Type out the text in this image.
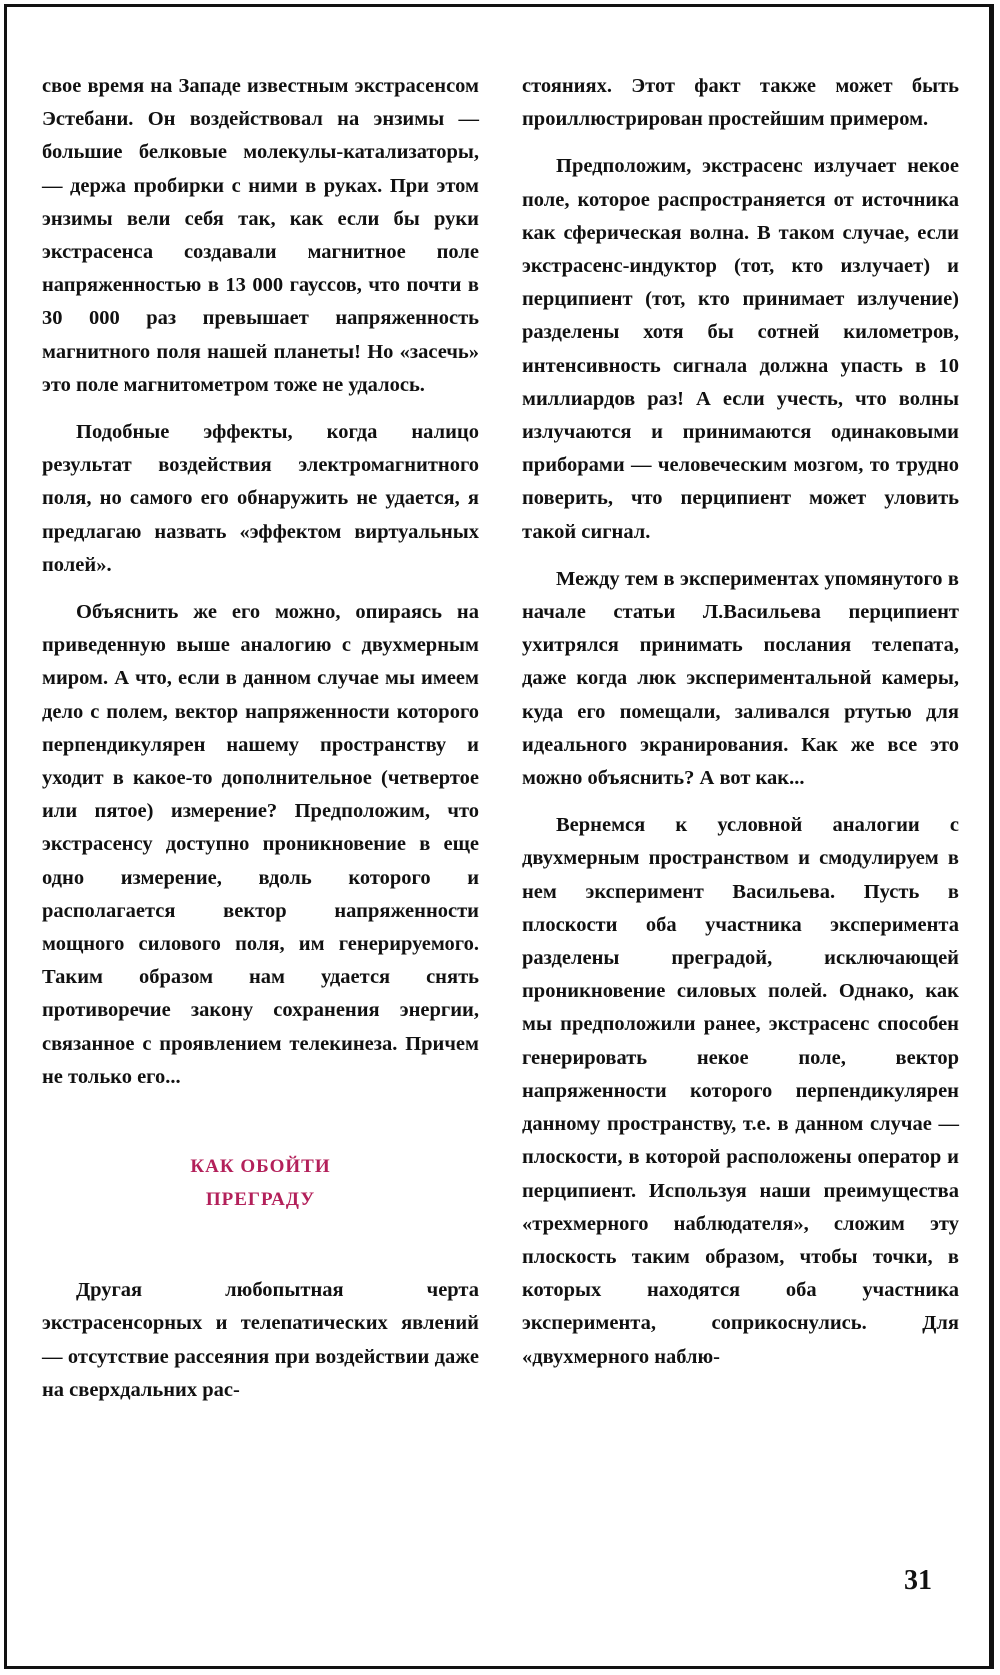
свое время на Западе известным экстрасенсом Эстебани. Он воздействовал на энзимы — большие белковые молекулы-катализаторы, — держа пробирки с ними в руках. При этом энзимы вели себя так, как если бы руки экстрасенса создавали магнитное поле напряженностью в 13 000 гауссов, что почти в 30 000 раз превышает напряженность магнитного поля нашей планеты! Но «засечь» это поле магнитометром тоже не удалось.

Подобные эффекты, когда налицо результат воздействия электромагнитного поля, но самого его обнаружить не удается, я предлагаю назвать «эффектом виртуальных полей».

Объяснить же его можно, опираясь на приведенную выше аналогию с двухмерным миром. А что, если в данном случае мы имеем дело с полем, вектор напряженности которого перпендикулярен нашему пространству и уходит в какое-то дополнительное (четвертое или пятое) измерение? Предположим, что экстрасенсу доступно проникновение в еще одно измерение, вдоль которого и располагается вектор напряженности мощного силового поля, им генерируемого. Таким образом нам удается снять противоречие закону сохранения энергии, связанное с проявлением телекинеза. Причем не только его...

КАК ОБОЙТИ
ПРЕГРАДУ

Другая любопытная черта экстрасенсорных и телепатических явлений — отсутствие рассеяния при воздействии даже на сверхдальних рас-

стояниях. Этот факт также может быть проиллюстрирован простейшим примером.

Предположим, экстрасенс излучает некое поле, которое распространяется от источника как сферическая волна. В таком случае, если экстрасенс-индуктор (тот, кто излучает) и перципиент (тот, кто принимает излучение) разделены хотя бы сотней километров, интенсивность сигнала должна упасть в 10 миллиардов раз! А если учесть, что волны излучаются и принимаются одинаковыми приборами — человеческим мозгом, то трудно поверить, что перципиент может уловить такой сигнал.

Между тем в экспериментах упомянутого в начале статьи Л.Васильева перципиент ухитрялся принимать послания телепата, даже когда люк экспериментальной камеры, куда его помещали, заливался ртутью для идеального экранирования. Как же все это можно объяснить? А вот как...

Вернемся к условной аналогии с двухмерным пространством и смодулируем в нем эксперимент Васильева. Пусть в плоскости оба участника эксперимента разделены преградой, исключающей проникновение силовых полей. Однако, как мы предположили ранее, экстрасенс способен генерировать некое поле, вектор напряженности которого перпендикулярен данному пространству, т.е. в данном случае — плоскости, в которой расположены оператор и перципиент. Используя наши преимущества «трехмерного наблюдателя», сложим эту плоскость таким образом, чтобы точки, в которых находятся оба участника эксперимента, соприкоснулись. Для «двухмерного наблю-

31
